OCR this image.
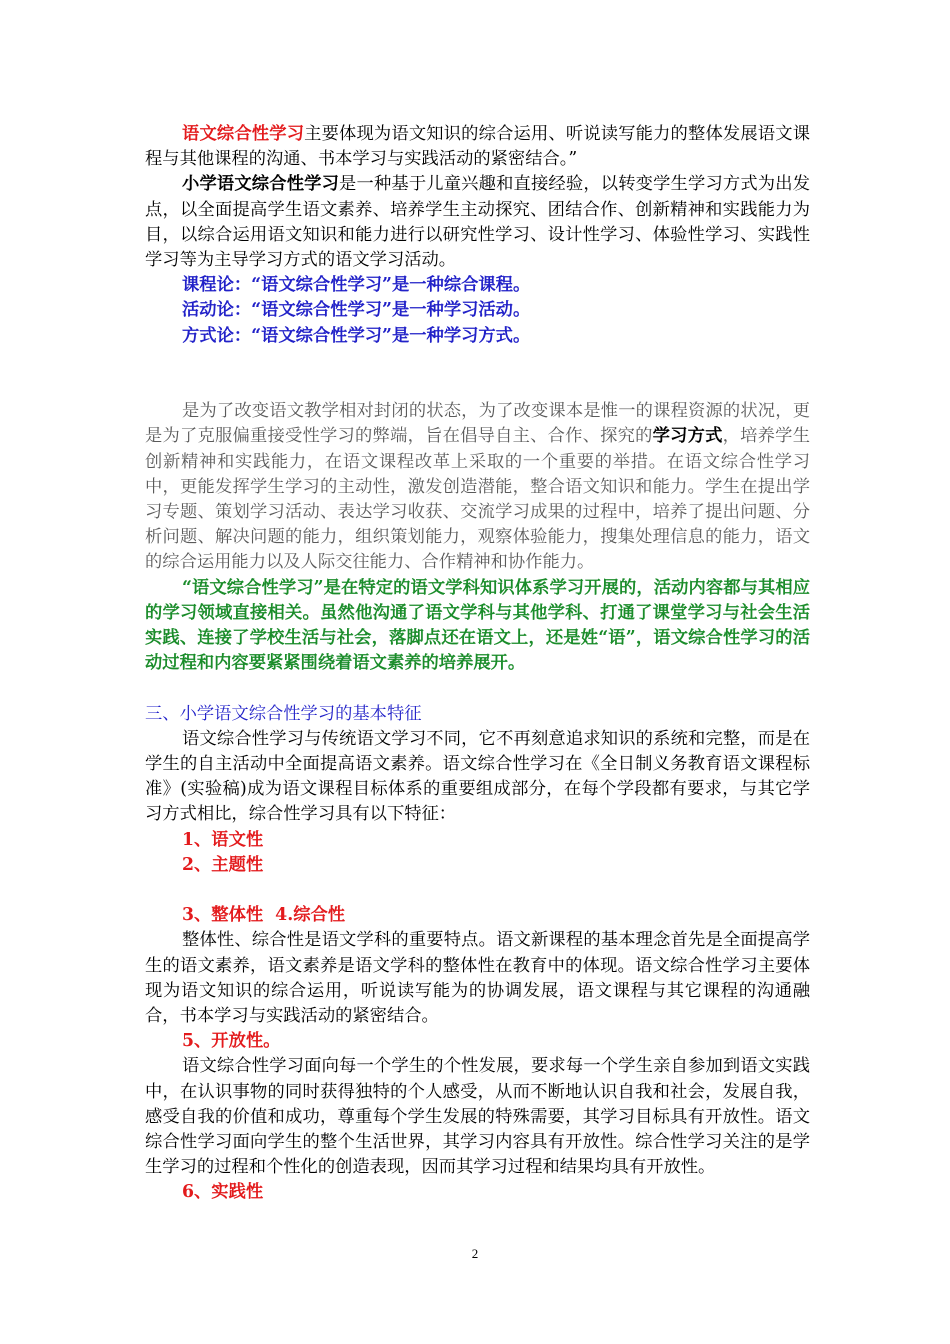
语文综合性学习主要体现为语文知识的综合运用、听说读写能力的整体发展语文课程与其他课程的沟通、书本学习与实践活动的紧密结合。”

小学语文综合性学习是一种基于儿童兴趣和直接经验，以转变学生学习方式为出发点，以全面提高学生语文素养、培养学生主动探究、团结合作、创新精神和实践能力为目，以综合运用语文知识和能力进行以研究性学习、设计性学习、体验性学习、实践性学习等为主导学习方式的语文学习活动。

课程论：“语文综合性学习”是一种综合课程。

活动论：“语文综合性学习”是一种学习活动。

方式论：“语文综合性学习”是一种学习方式。

是为了改变语文教学相对封闭的状态，为了改变课本是惟一的课程资源的状况，更是为了克服偏重接受性学习的弊端，旨在倡导自主、合作、探究的学习方式，培养学生创新精神和实践能力，在语文课程改革上采取的一个重要的举措。在语文综合性学习中，更能发挥学生学习的主动性，激发创造潜能，整合语文知识和能力。学生在提出学习专题、策划学习活动、表达学习收获、交流学习成果的过程中，培养了提出问题、分析问题、解决问题的能力，组织策划能力，观察体验能力，搜集处理信息的能力，语文的综合运用能力以及人际交往能力、合作精神和协作能力。

“语文综合性学习”是在特定的语文学科知识体系学习开展的，活动内容都与其相应的学习领域直接相关。虽然他沟通了语文学科与其他学科、打通了课堂学习与社会生活实践、连接了学校生活与社会，落脚点还在语文上，还是姓“语”，语文综合性学习的活动过程和内容要紧紧围绕着语文素养的培养展开。

三、小学语文综合性学习的基本特征

语文综合性学习与传统语文学习不同，它不再刻意追求知识的系统和完整，而是在学生的自主活动中全面提高语文素养。语文综合性学习在《全日制义务教育语文课程标准》(实验稿)成为语文课程目标体系的重要组成部分，在每个学段都有要求，与其它学习方式相比，综合性学习具有以下特征：

1、语文性

2、主题性

3、整体性  4.综合性

整体性、综合性是语文学科的重要特点。语文新课程的基本理念首先是全面提高学生的语文素养，语文素养是语文学科的整体性在教育中的体现。语文综合性学习主要体现为语文知识的综合运用，听说读写能为的协调发展，语文课程与其它课程的沟通融合，书本学习与实践活动的紧密结合。

5、开放性。

语文综合性学习面向每一个学生的个性发展，要求每一个学生亲自参加到语文实践中，在认识事物的同时获得独特的个人感受，从而不断地认识自我和社会，发展自我，感受自我的价值和成功，尊重每个学生发展的特殊需要，其学习目标具有开放性。语文综合性学习面向学生的整个生活世界，其学习内容具有开放性。综合性学习关注的是学生学习的过程和个性化的创造表现，因而其学习过程和结果均具有开放性。

6、实践性

2
